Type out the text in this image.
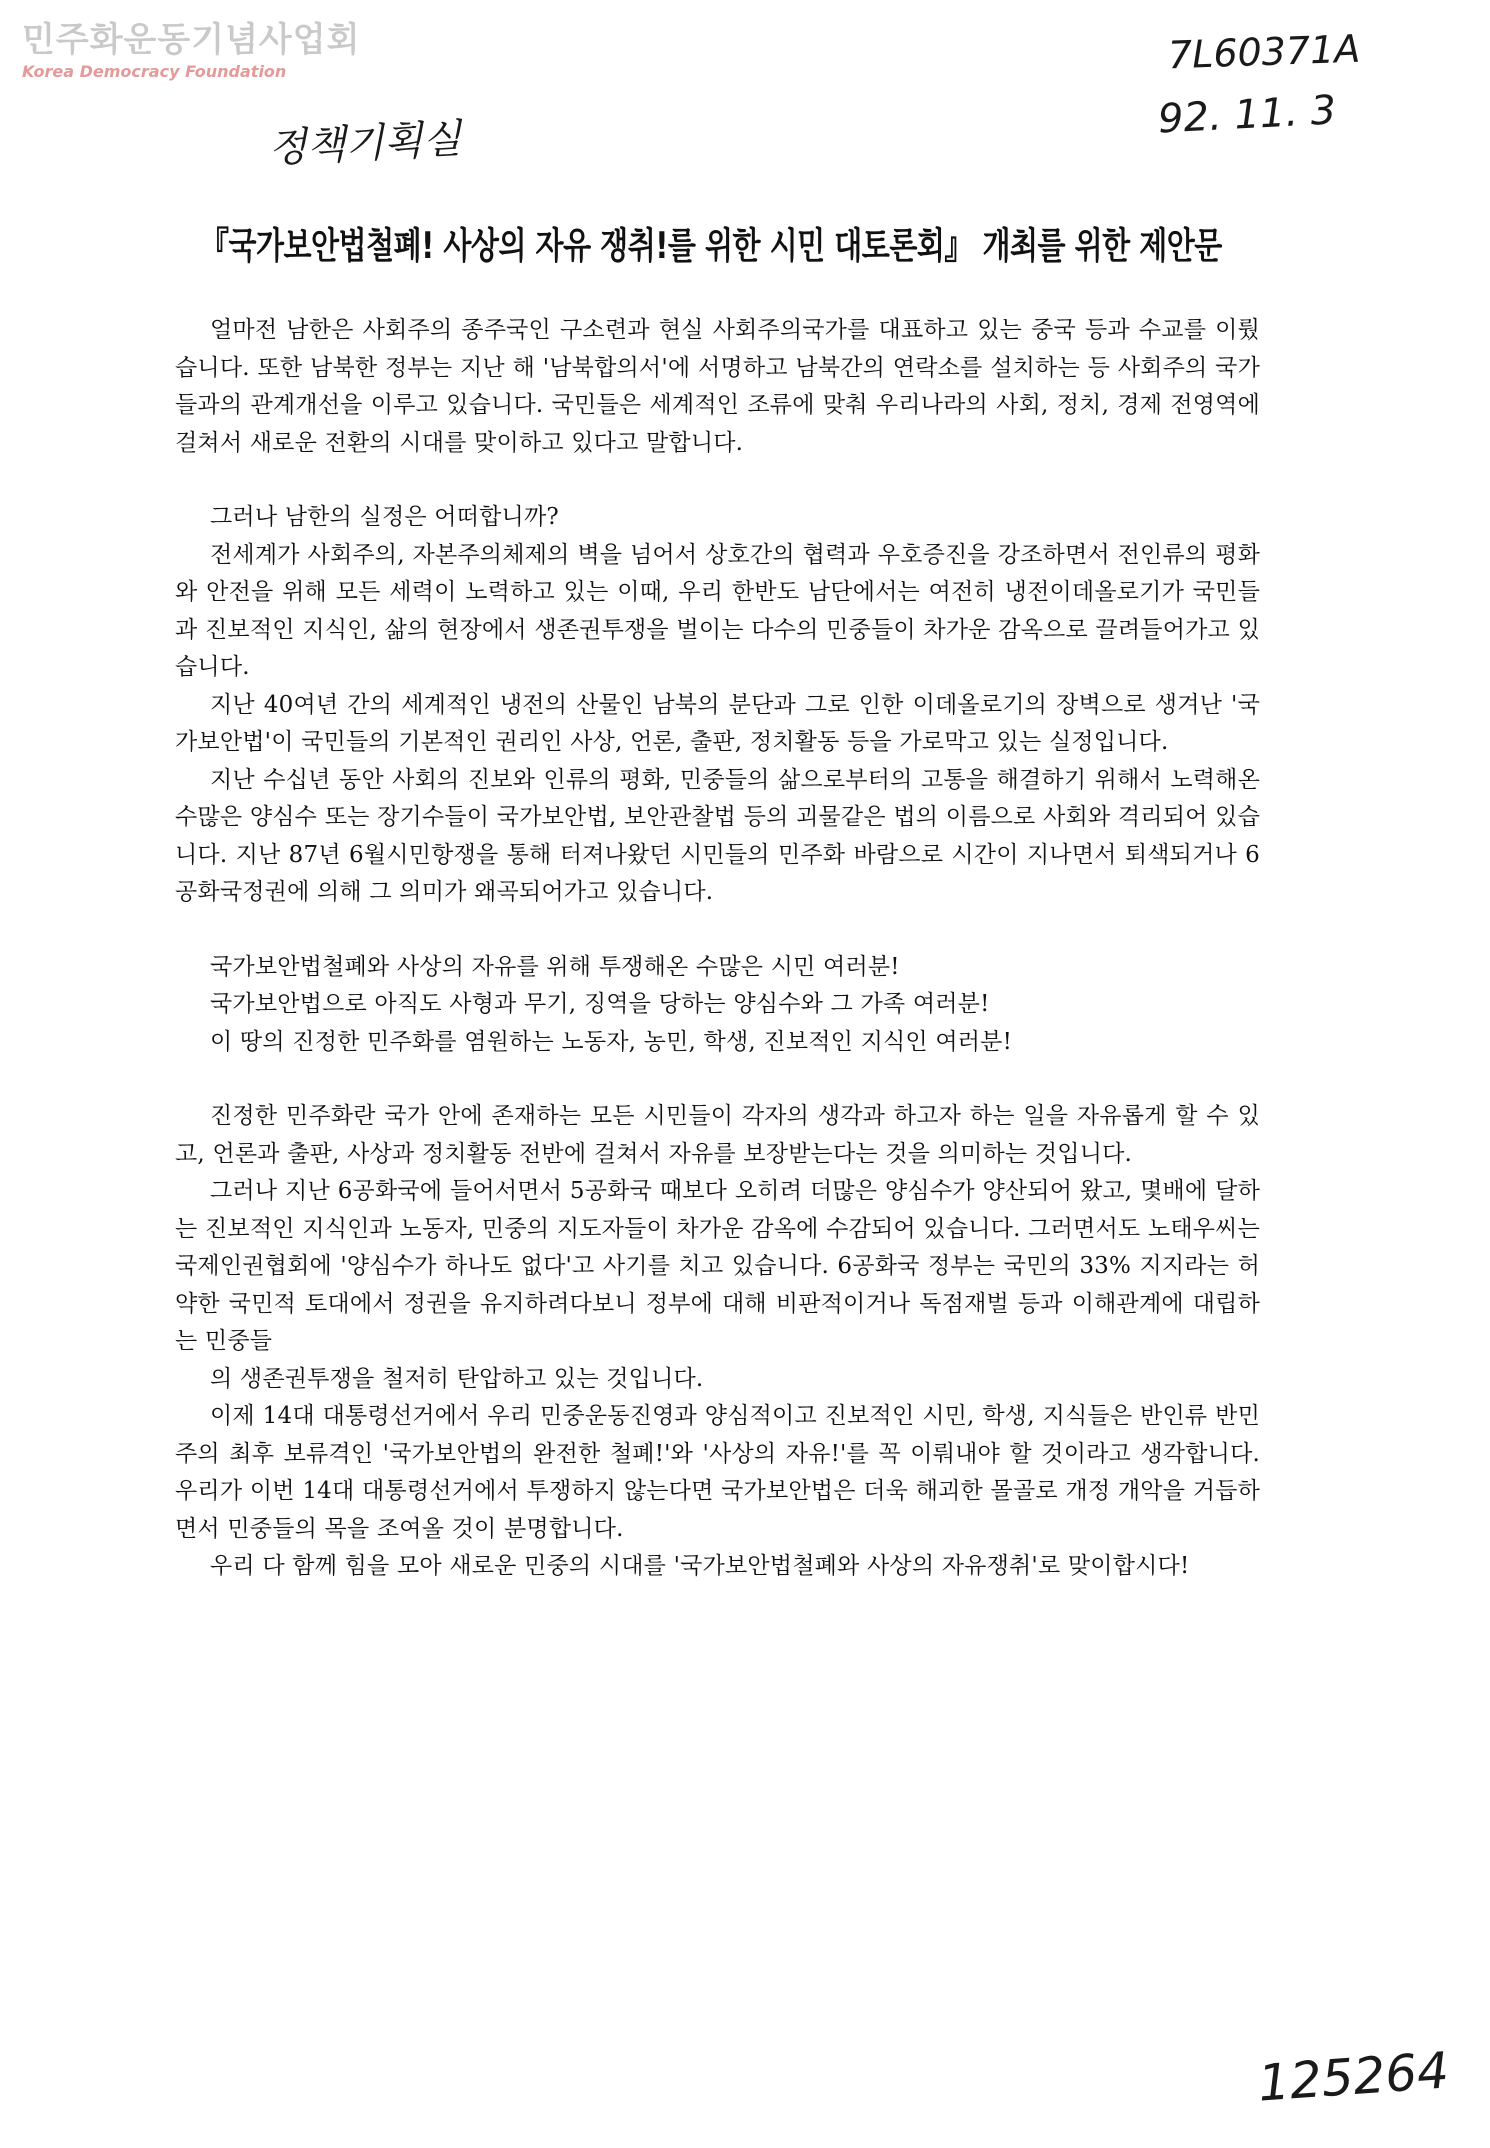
민주화운동기념사업회
Korea Democracy Foundation
정책기획실
7L60371A
92. 11. 3
『국가보안법철폐! 사상의 자유 쟁취!를 위한 시민 대토론회』 개최를 위한 제안문

얼마전 남한은 사회주의 종주국인 구소련과 현실 사회주의국가를 대표하고 있는 중국 등과 수교를 이뤘습니다. 또한 남북한 정부는 지난 해 '남북합의서'에 서명하고 남북간의 연락소를 설치하는 등 사회주의 국가들과의 관계개선을 이루고 있습니다. 국민들은 세계적인 조류에 맞춰 우리나라의 사회, 정치, 경제 전영역에 걸쳐서 새로운 전환의 시대를 맞이하고 있다고 말합니다.

그러나 남한의 실정은 어떠합니까?

전세계가 사회주의, 자본주의체제의 벽을 넘어서 상호간의 협력과 우호증진을 강조하면서 전인류의 평화와 안전을 위해 모든 세력이 노력하고 있는 이때, 우리 한반도 남단에서는 여전히 냉전이데올로기가 국민들과 진보적인 지식인, 삶의 현장에서 생존권투쟁을 벌이는 다수의 민중들이 차가운 감옥으로 끌려들어가고 있습니다.

지난 40여년 간의 세계적인 냉전의 산물인 남북의 분단과 그로 인한 이데올로기의 장벽으로 생겨난 '국가보안법'이 국민들의 기본적인 권리인 사상, 언론, 출판, 정치활동 등을 가로막고 있는 실정입니다.

지난 수십년 동안 사회의 진보와 인류의 평화, 민중들의 삶으로부터의 고통을 해결하기 위해서 노력해온 수많은 양심수 또는 장기수들이 국가보안법, 보안관찰법 등의 괴물같은 법의 이름으로 사회와 격리되어 있습니다. 지난 87년 6월시민항쟁을 통해 터져나왔던 시민들의 민주화 바람으로 시간이 지나면서 퇴색되거나 6공화국정권에 의해 그 의미가 왜곡되어가고 있습니다.

국가보안법철폐와 사상의 자유를 위해 투쟁해온 수많은 시민 여러분!

국가보안법으로 아직도 사형과 무기, 징역을 당하는 양심수와 그 가족 여러분!

이 땅의 진정한 민주화를 염원하는 노동자, 농민, 학생, 진보적인 지식인 여러분!

진정한 민주화란 국가 안에 존재하는 모든 시민들이 각자의 생각과 하고자 하는 일을 자유롭게 할 수 있고, 언론과 출판, 사상과 정치활동 전반에 걸쳐서 자유를 보장받는다는 것을 의미하는 것입니다.

그러나 지난 6공화국에 들어서면서 5공화국 때보다 오히려 더많은 양심수가 양산되어 왔고, 몇배에 달하는 진보적인 지식인과 노동자, 민중의 지도자들이 차가운 감옥에 수감되어 있습니다. 그러면서도 노태우씨는 국제인권협회에 '양심수가 하나도 없다'고 사기를 치고 있습니다. 6공화국 정부는 국민의 33% 지지라는 허약한 국민적 토대에서 정권을 유지하려다보니 정부에 대해 비판적이거나 독점재벌 등과 이해관계에 대립하는 민중들

의 생존권투쟁을 철저히 탄압하고 있는 것입니다.

이제 14대 대통령선거에서 우리 민중운동진영과 양심적이고 진보적인 시민, 학생, 지식들은 반인류 반민주의 최후 보류격인 '국가보안법의 완전한 철폐!'와 '사상의 자유!'를 꼭 이뤄내야 할 것이라고 생각합니다. 우리가 이번 14대 대통령선거에서 투쟁하지 않는다면 국가보안법은 더욱 해괴한 몰골로 개정 개악을 거듭하면서 민중들의 목을 조여올 것이 분명합니다.

우리 다 함께 힘을 모아 새로운 민중의 시대를 '국가보안법철폐와 사상의 자유쟁취'로 맞이합시다!

125264
